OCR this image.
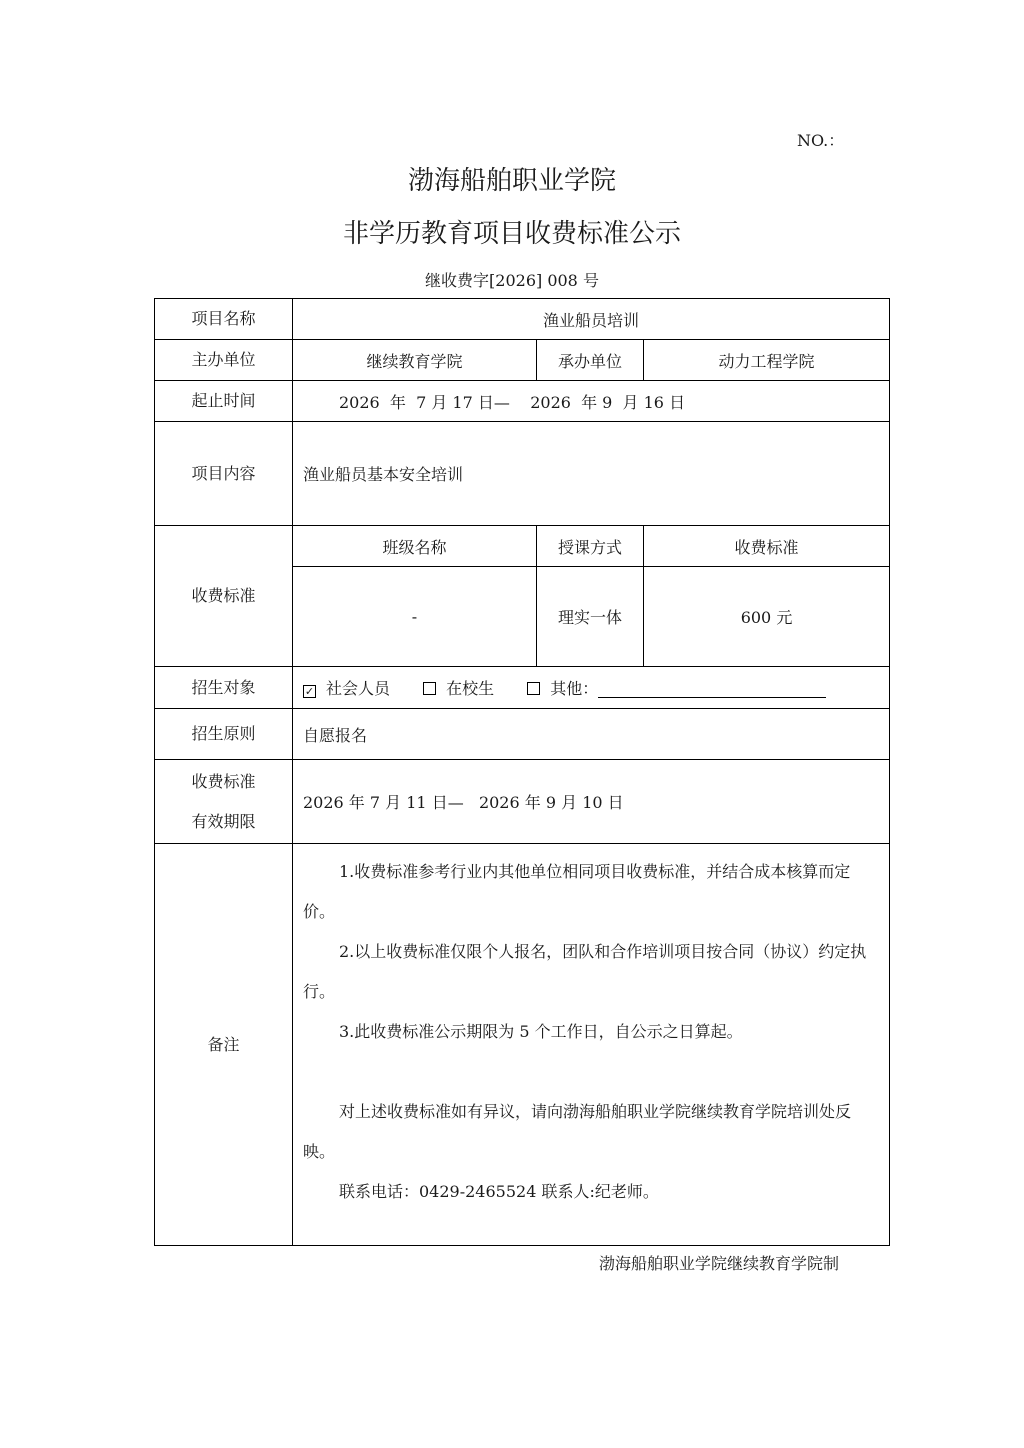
NO.：
渤海船舶职业学院
非学历教育项目收费标准公示
继收费字[2026] 008 号
项目名称	渔业船员培训		
主办单位	继续教育学院	承办单位	动力工程学院
起止时间	2026  年  7 月 17 日—    2026  年 9  月 16 日		
项目内容	渔业船员基本安全培训		
收费标准	班级名称	授课方式	收费标准
	-	理实一体	600 元
招生对象	✓ 社会人员 在校生 其他：		
招生原则	自愿报名		

收费标准
有效期限	2026 年 7 月 11 日—   2026 年 9 月 10 日		
备注	1.收费标准参考行业内其他单位相同项目收费标准，并结合成本核算而定价。

2.以上收费标准仅限个人报名，团队和合作培训项目按合同（协议）约定执行。

3.此收费标准公示期限为 5 个工作日，自公示之日算起。

对上述收费标准如有异议，请向渤海船舶职业学院继续教育学院培训处反映。

联系电话：0429-2465524 联系人:纪老师。		

渤海船舶职业学院继续教育学院制
